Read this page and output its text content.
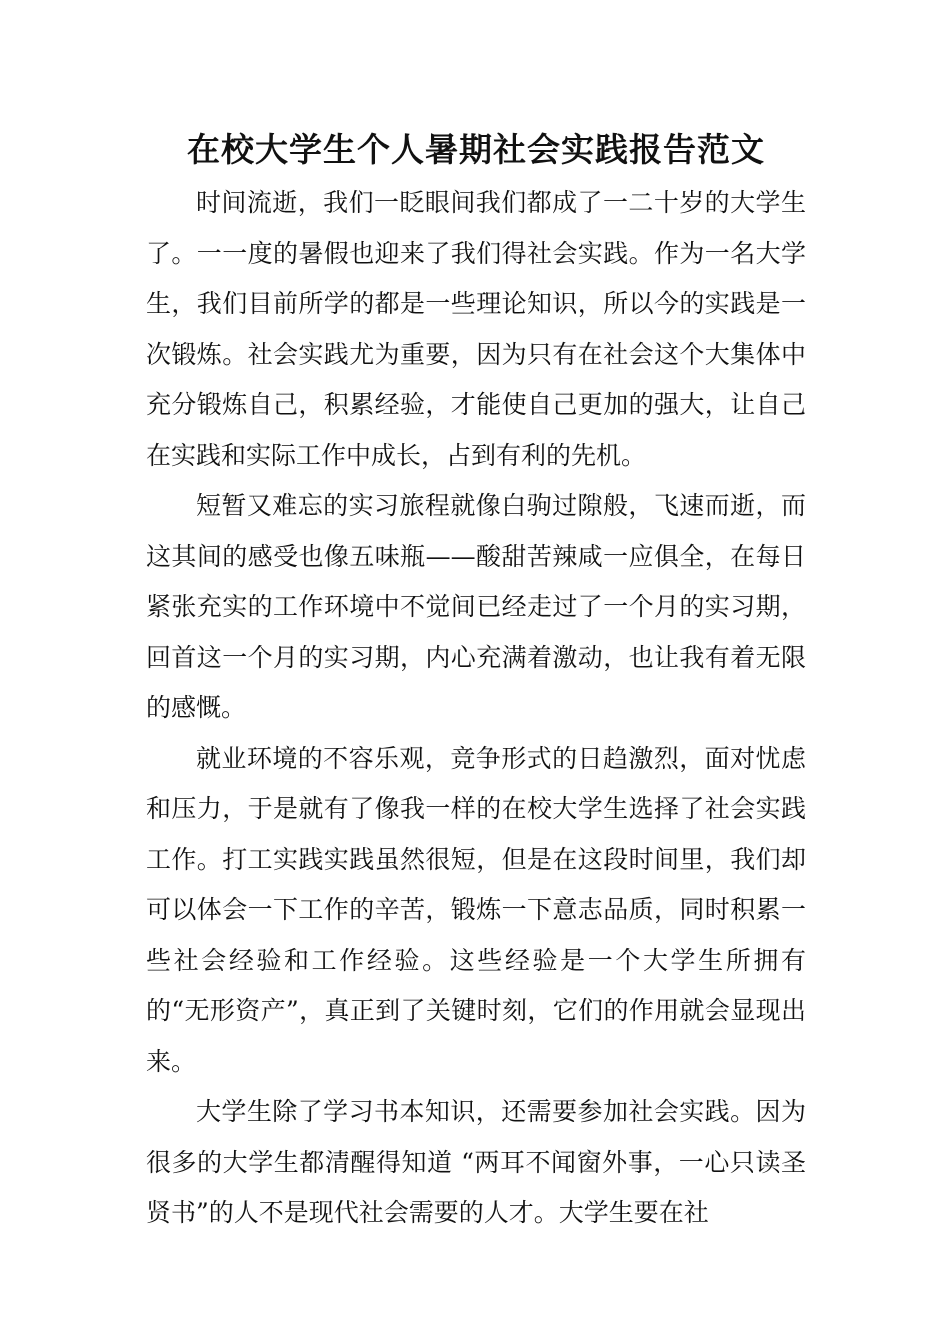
在校大学生个人暑期社会实践报告范文

时间流逝，我们一眨眼间我们都成了一二十岁的大学生了。一一度的暑假也迎来了我们得社会实践。作为一名大学生，我们目前所学的都是一些理论知识，所以今的实践是一次锻炼。社会实践尤为重要，因为只有在社会这个大集体中充分锻炼自己，积累经验，才能使自己更加的强大，让自己在实践和实际工作中成长，占到有利的先机。

短暂又难忘的实习旅程就像白驹过隙般，飞速而逝，而这其间的感受也像五味瓶——酸甜苦辣咸一应俱全，在每日紧张充实的工作环境中不觉间已经走过了一个月的实习期，回首这一个月的实习期，内心充满着激动，也让我有着无限的感慨。

就业环境的不容乐观，竞争形式的日趋激烈，面对忧虑和压力，于是就有了像我一样的在校大学生选择了社会实践工作。打工实践实践虽然很短，但是在这段时间里，我们却可以体会一下工作的辛苦，锻炼一下意志品质，同时积累一些社会经验和工作经验。这些经验是一个大学生所拥有的“无形资产”，真正到了关键时刻，它们的作用就会显现出来。

大学生除了学习书本知识，还需要参加社会实践。因为很多的大学生都清醒得知道 “两耳不闻窗外事，一心只读圣贤书”的人不是现代社会需要的人才。大学生要在社
